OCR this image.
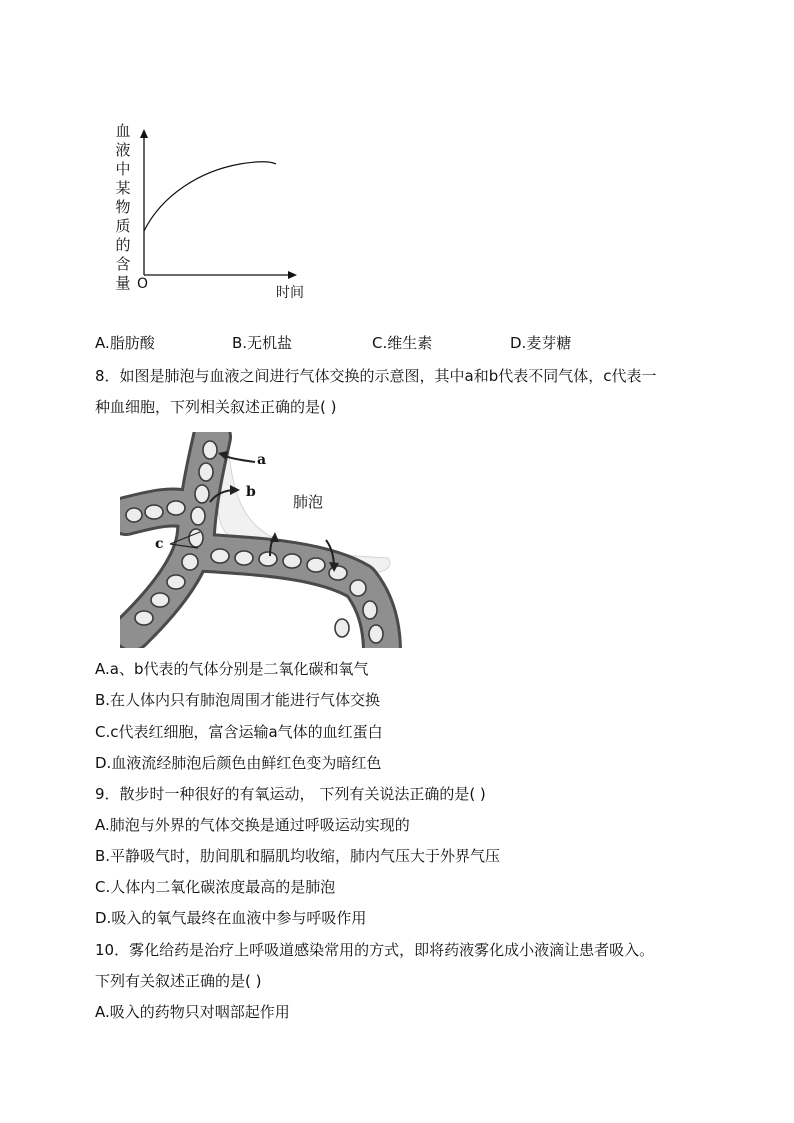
血
液
中
某
物
质
的
含
量 O
时间
A.脂肪酸	B.无机盐	C.维生素	D.麦芽糖
8．如图是肺泡与血液之间进行气体交换的示意图，其中a和b代表不同气体，c代表一
种血细胞，下列相关叙述正确的是( )
a
b
c
肺泡
A.a、b代表的气体分别是二氧化碳和氧气
B.在人体内只有肺泡周围才能进行气体交换
C.c代表红细胞，富含运输a气体的血红蛋白
D.血液流经肺泡后颜色由鲜红色变为暗红色
9．散步时一种很好的有氧运动， 下列有关说法正确的是( )
A.肺泡与外界的气体交换是通过呼吸运动实现的
B.平静吸气时，肋间肌和膈肌均收缩，肺内气压大于外界气压
C.人体内二氧化碳浓度最高的是肺泡
D.吸入的氧气最终在血液中参与呼吸作用
10．雾化给药是治疗上呼吸道感染常用的方式，即将药液雾化成小液滴让患者吸入。
下列有关叙述正确的是( )
A.吸入的药物只对咽部起作用
